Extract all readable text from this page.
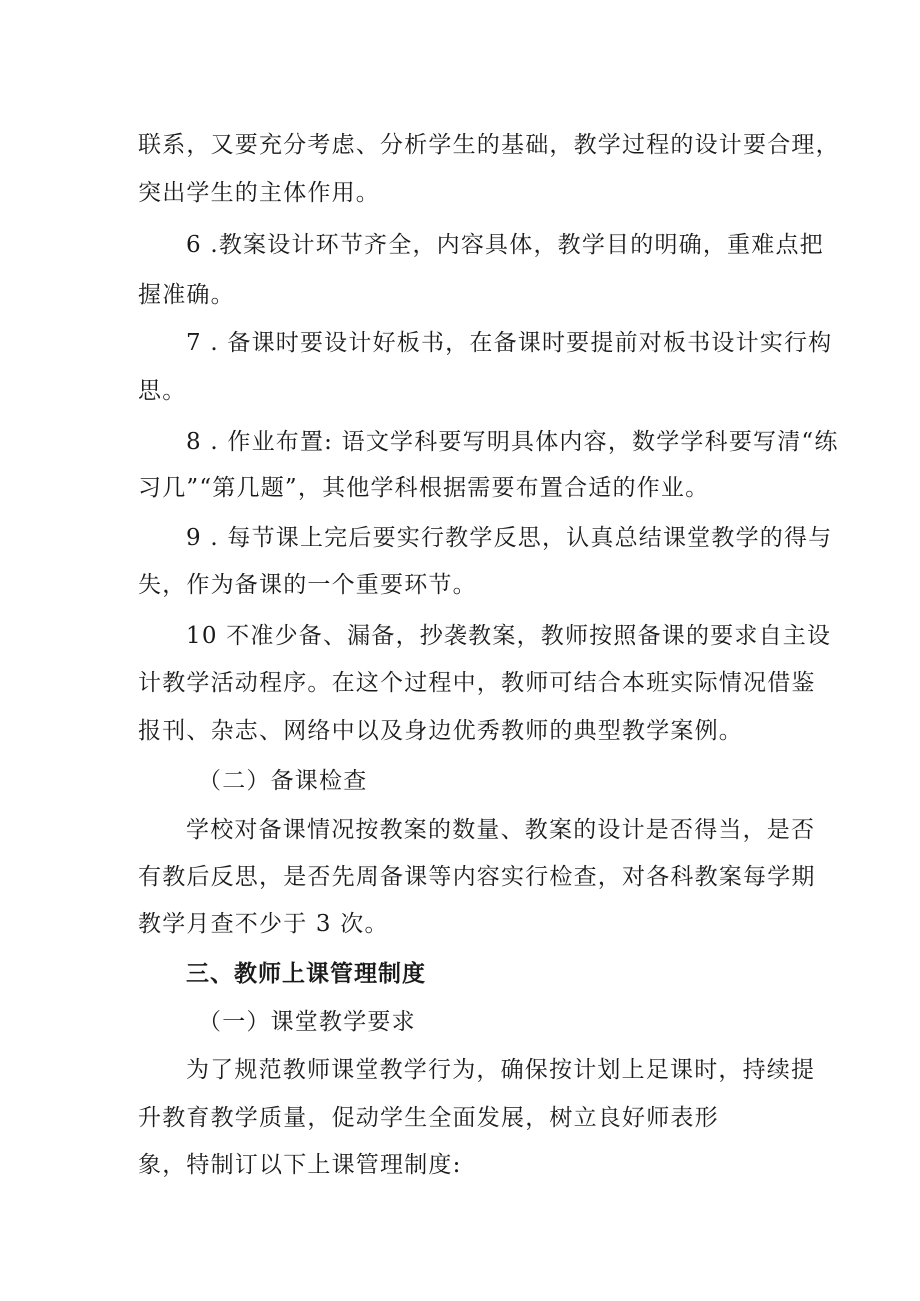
联系，又要充分考虑、分析学生的基础，教学过程的设计要合理，
突出学生的主体作用。
6 .教案设计环节齐全，内容具体，教学目的明确，重难点把
握准确。
7 . 备课时要设计好板书，在备课时要提前对板书设计实行构
思。
8 . 作业布置: 语文学科要写明具体内容，数学学科要写清“练
习几”“第几题”，其他学科根据需要布置合适的作业。
9 . 每节课上完后要实行教学反思，认真总结课堂教学的得与
失，作为备课的一个重要环节。
10 不准少备、漏备，抄袭教案，教师按照备课的要求自主设
计教学活动程序。在这个过程中，教师可结合本班实际情况借鉴
报刊、杂志、网络中以及身边优秀教师的典型教学案例。
（二）备课检查
学校对备课情况按教案的数量、教案的设计是否得当，是否
有教后反思，是否先周备课等内容实行检查，对各科教案每学期
教学月查不少于 3 次。
三、教师上课管理制度
（一）课堂教学要求
为了规范教师课堂教学行为，确保按计划上足课时，持续提
升教育教学质量，促动学生全面发展，树立良好师表形
象，特制订以下上课管理制度:
